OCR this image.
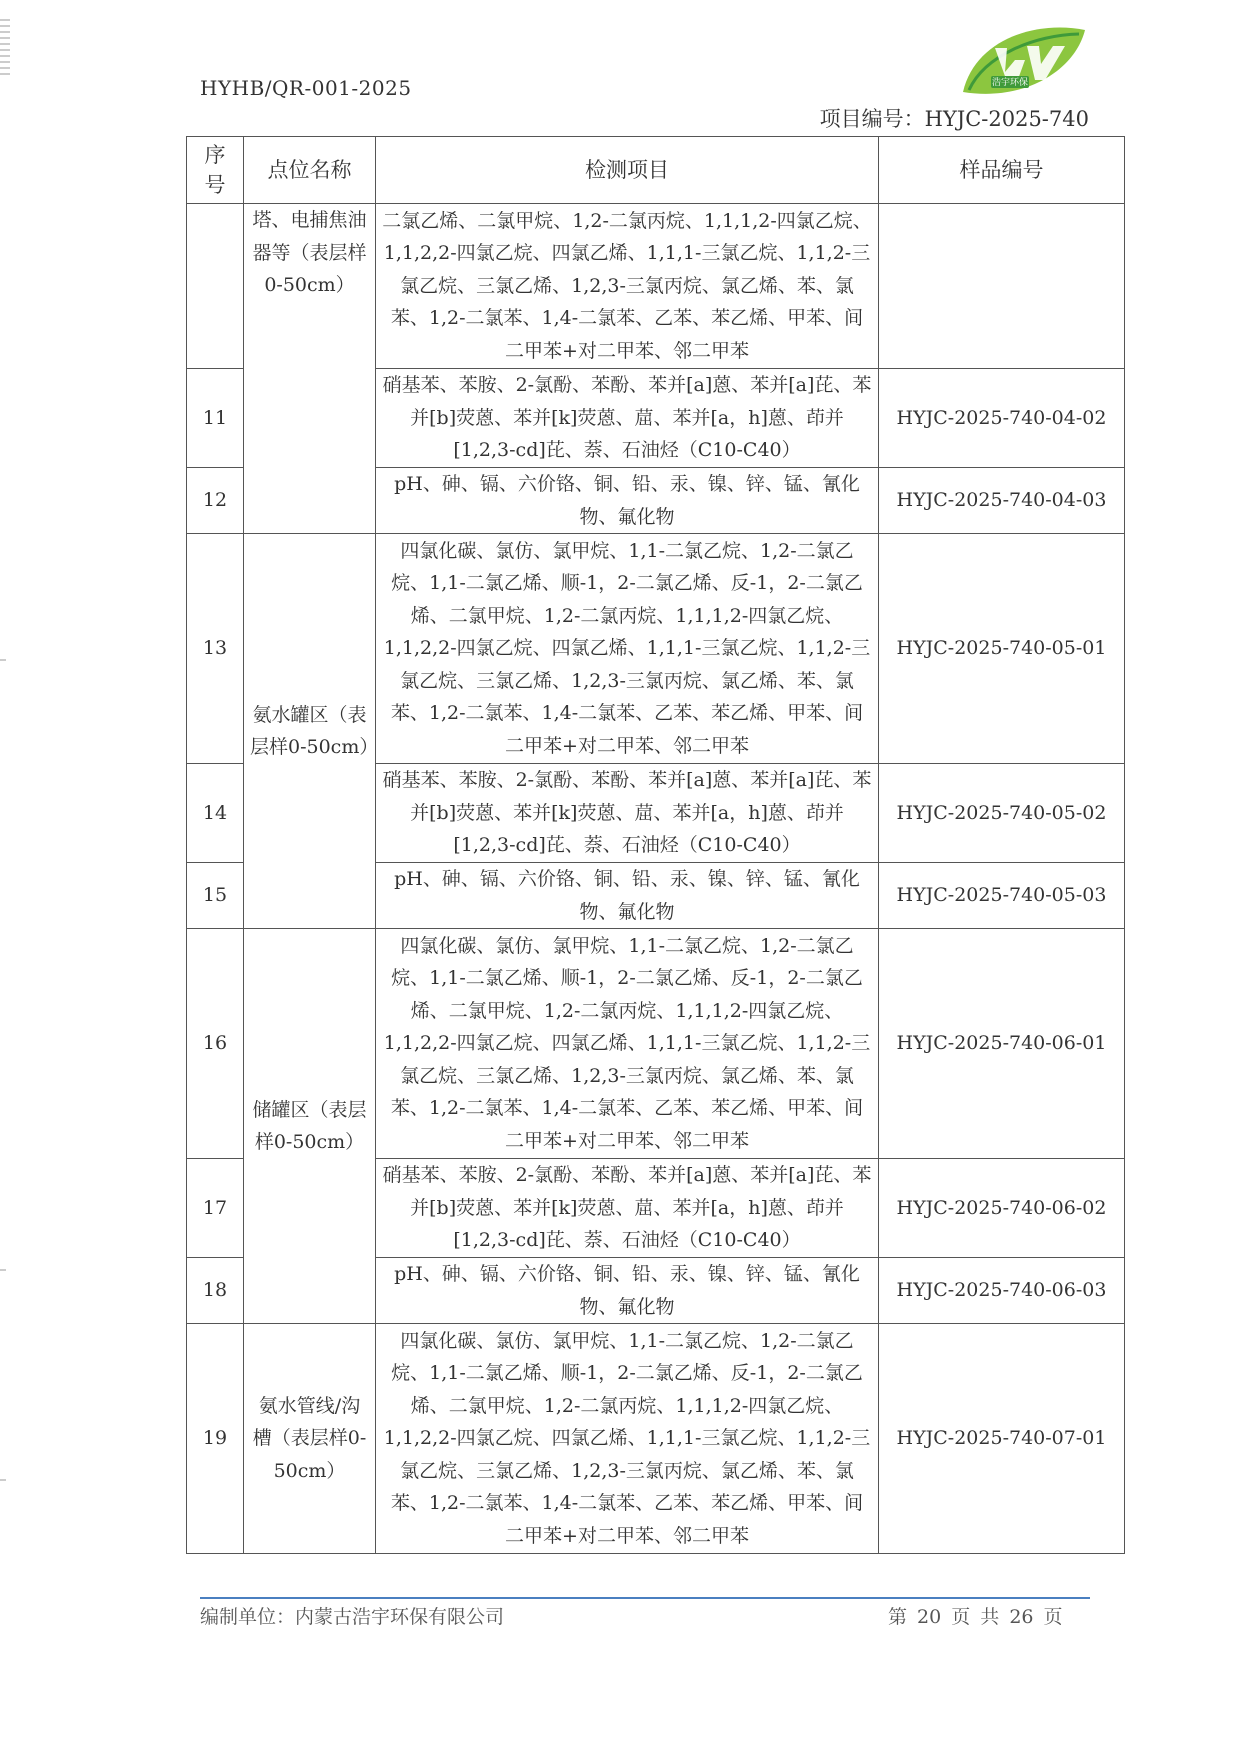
HYHB/QR-001-2025	浩宇环保
项目编号：HYJC-2025-740
序号	点位名称	检测项目	样品编号
	塔、电捕焦油器等（表层样0-50cm）	二氯乙烯、二氯甲烷、1,2-二氯丙烷、1,1,1,2-四氯乙烷、1,1,2,2-四氯乙烷、四氯乙烯、1,1,1-三氯乙烷、1,1,2-三氯乙烷、三氯乙烯、1,2,3-三氯丙烷、氯乙烯、苯、氯苯、1,2-二氯苯、1,4-二氯苯、乙苯、苯乙烯、甲苯、间二甲苯+对二甲苯、邻二甲苯	
11		硝基苯、苯胺、2-氯酚、苯酚、苯并[a]蒽、苯并[a]芘、苯并[b]荧蒽、苯并[k]荧蒽、䓛、苯并[a，h]蒽、茚并[1,2,3-cd]芘、萘、石油烃（C10-C40）	HYJC-2025-740-04-02
12		pH、砷、镉、六价铬、铜、铅、汞、镍、锌、锰、氰化物、氟化物	HYJC-2025-740-04-03
13	氨水罐区（表层样0-50cm）	四氯化碳、氯仿、氯甲烷、1,1-二氯乙烷、1,2-二氯乙烷、1,1-二氯乙烯、顺-1，2-二氯乙烯、反-1，2-二氯乙烯、二氯甲烷、1,2-二氯丙烷、1,1,1,2-四氯乙烷、1,1,2,2-四氯乙烷、四氯乙烯、1,1,1-三氯乙烷、1,1,2-三氯乙烷、三氯乙烯、1,2,3-三氯丙烷、氯乙烯、苯、氯苯、1,2-二氯苯、1,4-二氯苯、乙苯、苯乙烯、甲苯、间二甲苯+对二甲苯、邻二甲苯	HYJC-2025-740-05-01
14		硝基苯、苯胺、2-氯酚、苯酚、苯并[a]蒽、苯并[a]芘、苯并[b]荧蒽、苯并[k]荧蒽、䓛、苯并[a，h]蒽、茚并[1,2,3-cd]芘、萘、石油烃（C10-C40）	HYJC-2025-740-05-02
15		pH、砷、镉、六价铬、铜、铅、汞、镍、锌、锰、氰化物、氟化物	HYJC-2025-740-05-03
16	储罐区（表层样0-50cm）	四氯化碳、氯仿、氯甲烷、1,1-二氯乙烷、1,2-二氯乙烷、1,1-二氯乙烯、顺-1，2-二氯乙烯、反-1，2-二氯乙烯、二氯甲烷、1,2-二氯丙烷、1,1,1,2-四氯乙烷、1,1,2,2-四氯乙烷、四氯乙烯、1,1,1-三氯乙烷、1,1,2-三氯乙烷、三氯乙烯、1,2,3-三氯丙烷、氯乙烯、苯、氯苯、1,2-二氯苯、1,4-二氯苯、乙苯、苯乙烯、甲苯、间二甲苯+对二甲苯、邻二甲苯	HYJC-2025-740-06-01
17		硝基苯、苯胺、2-氯酚、苯酚、苯并[a]蒽、苯并[a]芘、苯并[b]荧蒽、苯并[k]荧蒽、䓛、苯并[a，h]蒽、茚并[1,2,3-cd]芘、萘、石油烃（C10-C40）	HYJC-2025-740-06-02
18		pH、砷、镉、六价铬、铜、铅、汞、镍、锌、锰、氰化物、氟化物	HYJC-2025-740-06-03
19	氨水管线/沟槽（表层样0-50cm）	四氯化碳、氯仿、氯甲烷、1,1-二氯乙烷、1,2-二氯乙烷、1,1-二氯乙烯、顺-1，2-二氯乙烯、反-1，2-二氯乙烯、二氯甲烷、1,2-二氯丙烷、1,1,1,2-四氯乙烷、1,1,2,2-四氯乙烷、四氯乙烯、1,1,1-三氯乙烷、1,1,2-三氯乙烷、三氯乙烯、1,2,3-三氯丙烷、氯乙烯、苯、氯苯、1,2-二氯苯、1,4-二氯苯、乙苯、苯乙烯、甲苯、间二甲苯+对二甲苯、邻二甲苯	HYJC-2025-740-07-01
编制单位：内蒙古浩宇环保有限公司	第 20 页 共 26 页
